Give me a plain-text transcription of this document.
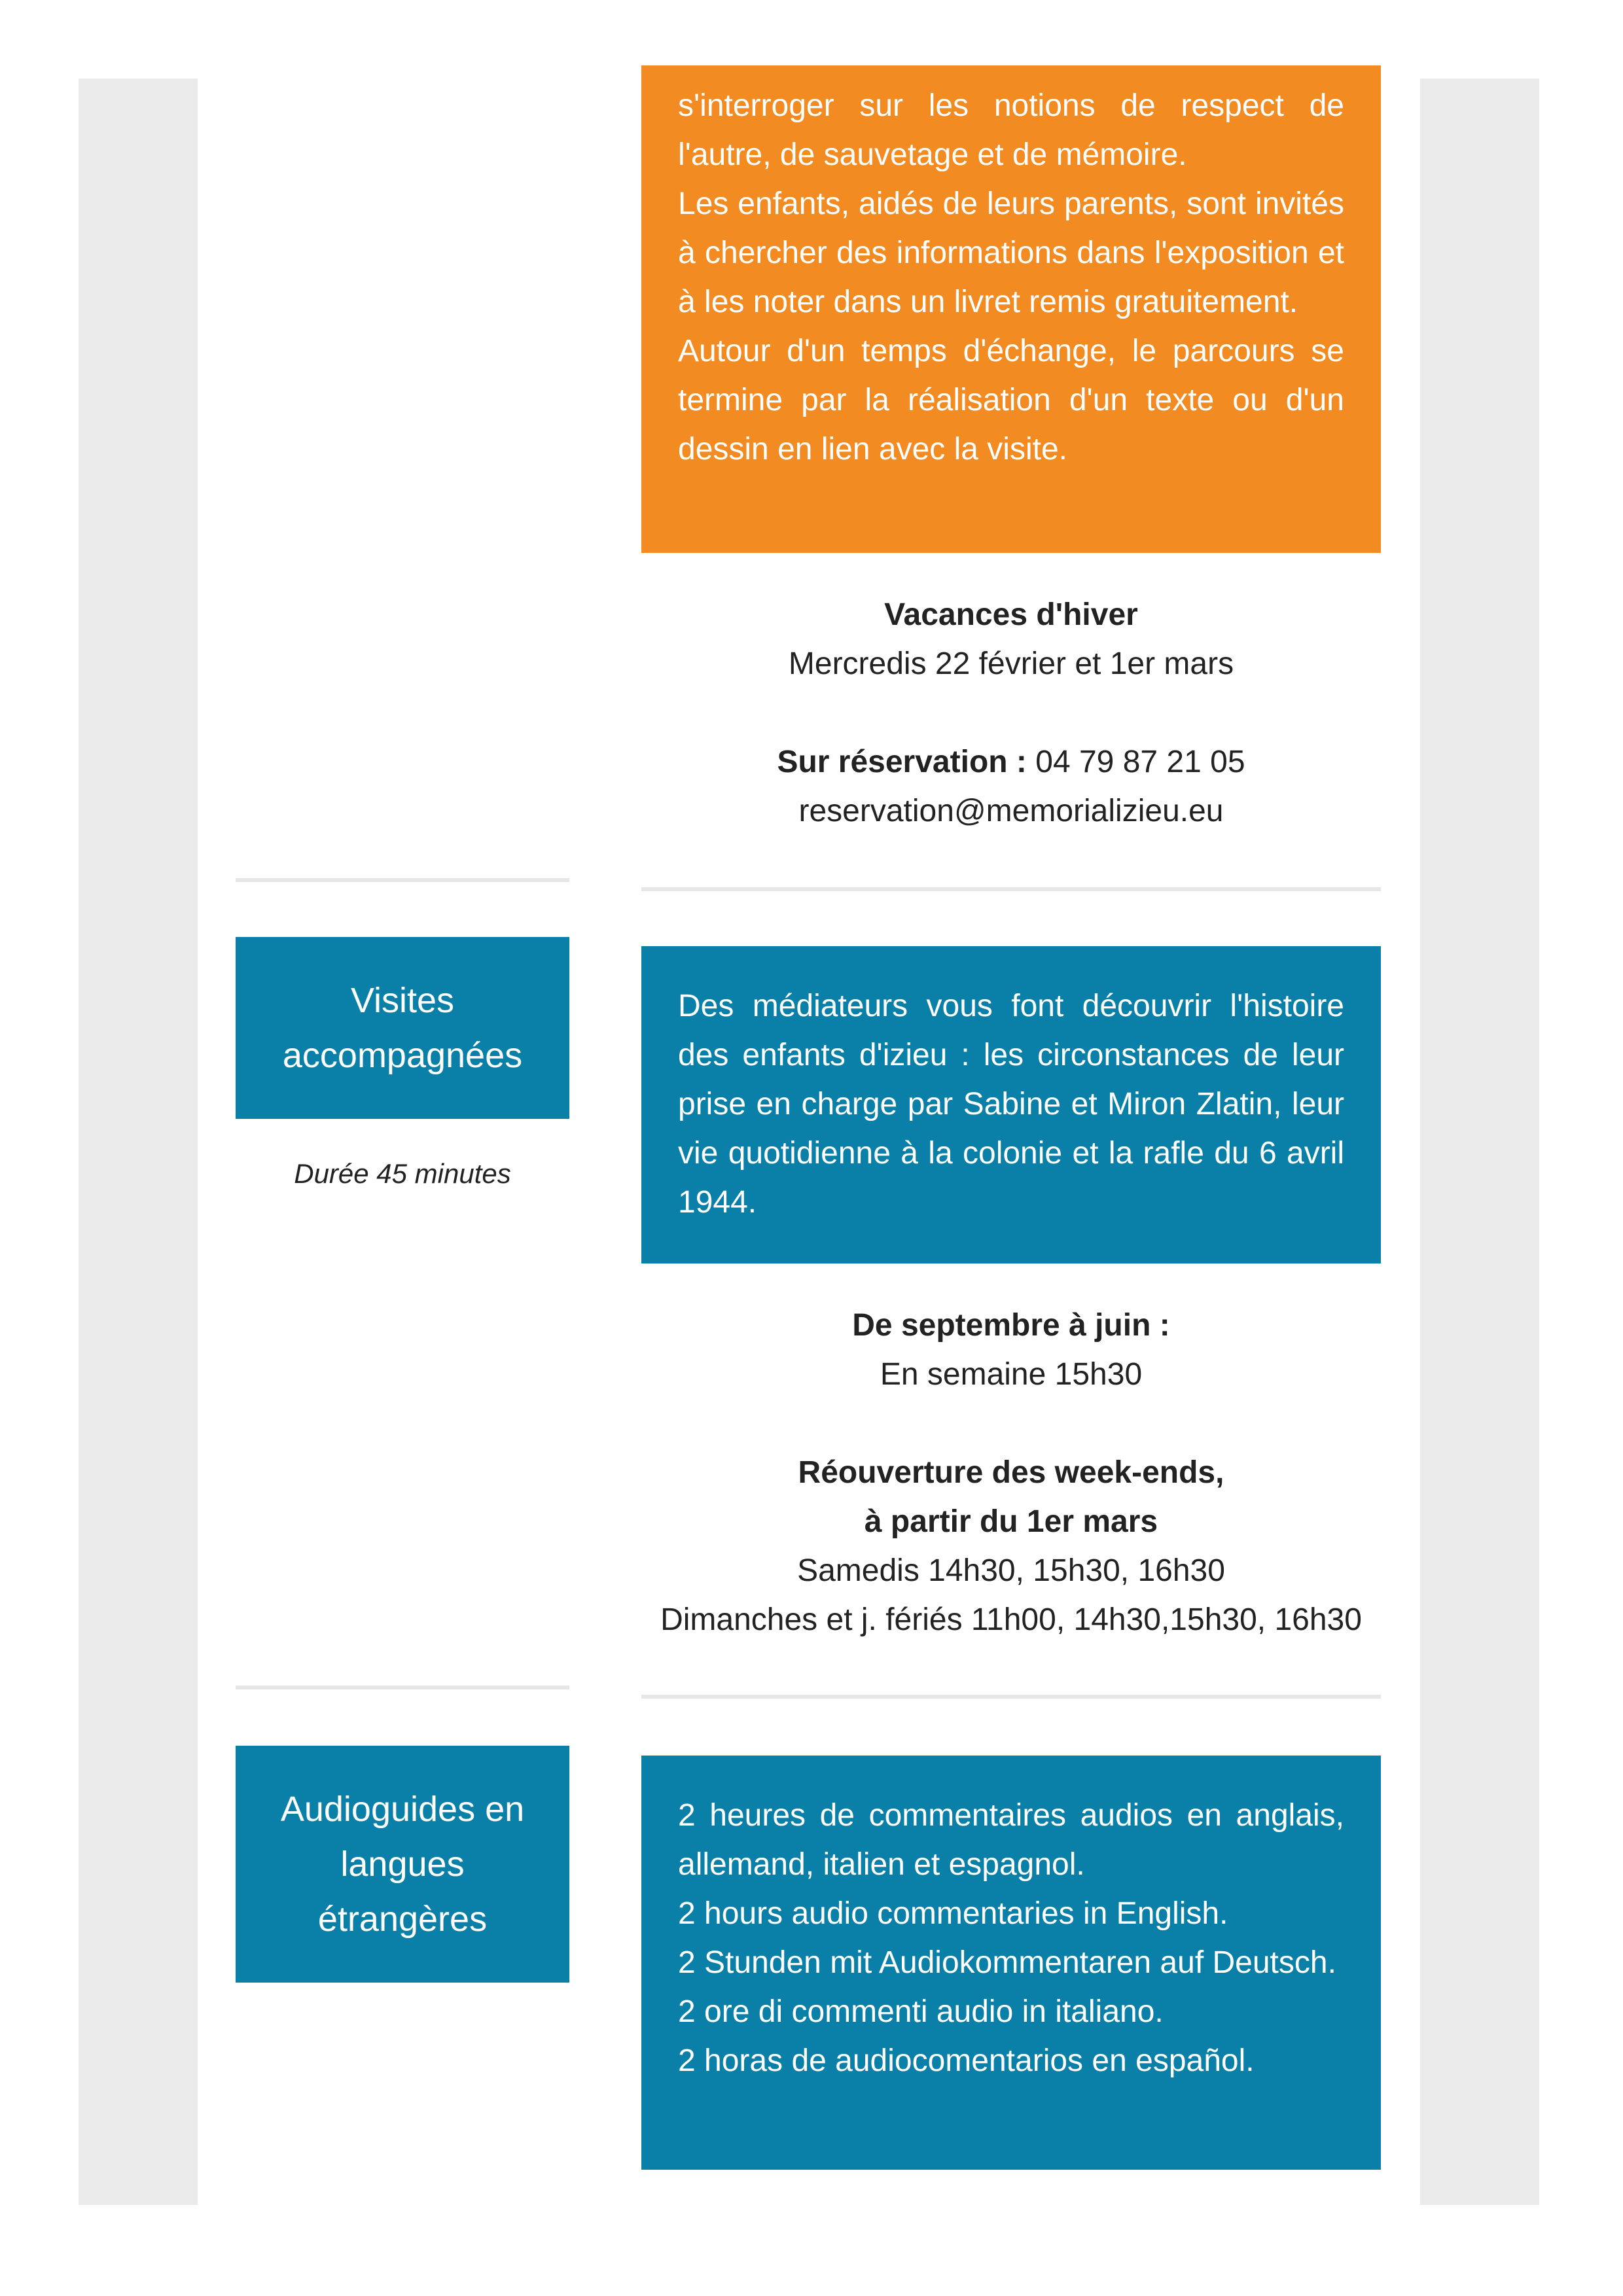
s'interroger sur les notions de respect de l'autre, de sauvetage et de mémoire.

Les enfants, aidés de leurs parents, sont invités à chercher des informations dans l'exposition et à les noter dans un livret remis gratuitement.

Autour d'un temps d'échange, le parcours se termine par la réalisation d'un texte ou d'un dessin en lien avec la visite.

Vacances d'hiver

Mercredis 22 février et 1er mars

Sur réservation : 04 79 87 21 05

reservation@memorializieu.eu

Visites
accompagnées
Durée 45 minutes

Des médiateurs vous font découvrir l'histoire des enfants d'izieu : les circonstances de leur prise en charge par Sabine et Miron Zlatin, leur vie quotidienne à la colonie et la rafle du 6 avril 1944.

De septembre à juin :

En semaine 15h30

Réouverture des week-ends,

à partir du 1er mars

Samedis 14h30, 15h30, 16h30

Dimanches et j. fériés 11h00, 14h30,15h30, 16h30

Audioguides en
langues
étrangères

2 heures de commentaires audios en anglais, allemand, italien et espagnol.

2 hours audio commentaries in English.

2 Stunden mit Audiokommentaren auf Deutsch.

2 ore di commenti audio in italiano.

2 horas de audiocomentarios en español.
